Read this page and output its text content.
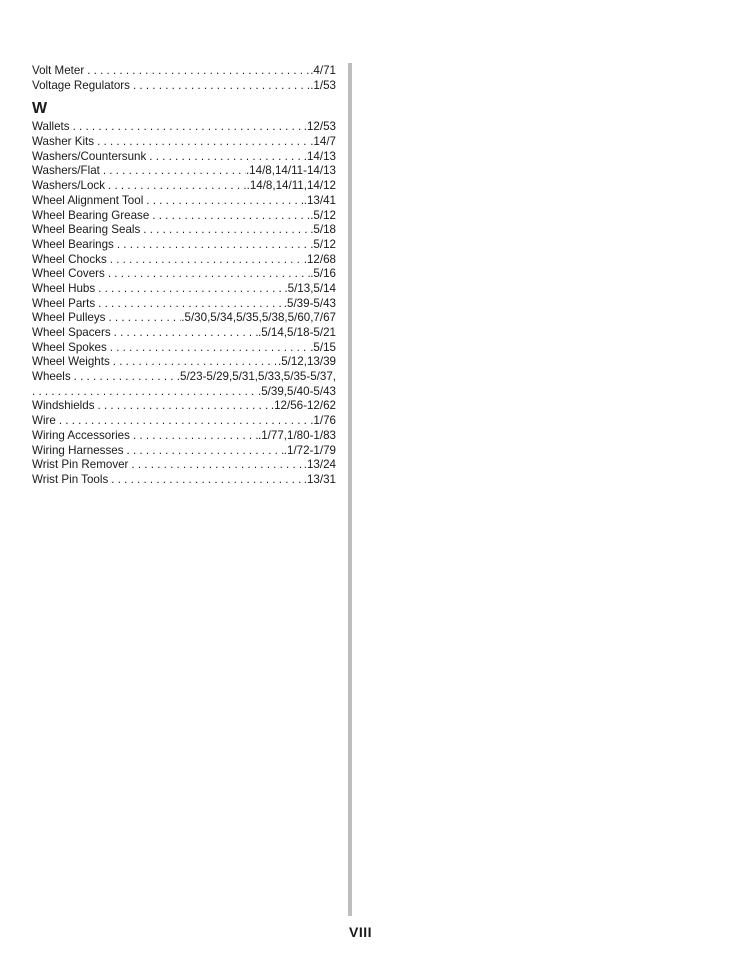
Volt Meter . . .	.4/71
Voltage Regulators . . .	.1/53
W
Wallets . . .	.12/53
Washer Kits . . .	.14/7
Washers/Countersunk . . .	.14/13
Washers/Flat . . .	.14/8,14/11-14/13
Washers/Lock . . .	.14/8,14/11,14/12
Wheel Alignment Tool . . .	.13/41
Wheel Bearing Grease . . .	.5/12
Wheel Bearing Seals . . .	.5/18
Wheel Bearings . . .	.5/12
Wheel Chocks . . .	.12/68
Wheel Covers . . .	.5/16
Wheel Hubs . . .	.5/13,5/14
Wheel Parts . . .	.5/39-5/43
Wheel Pulleys . . .	.5/30,5/34,5/35,5/38,5/60,7/67
Wheel Spacers . . .	.5/14,5/18-5/21
Wheel Spokes . . .	.5/15
Wheel Weights . . .	.5/12,13/39
Wheels . . .	.5/23-5/29,5/31,5/33,5/35-5/37,
. . .
.5/39,5/40-5/43
Windshields . . .	.12/56-12/62
Wire . . .	.1/76
Wiring Accessories . . .	.1/77,1/80-1/83
Wiring Harnesses . . .	.1/72-1/79
Wrist Pin Remover . . .	.13/24
Wrist Pin Tools . . .	.13/31
VIII
